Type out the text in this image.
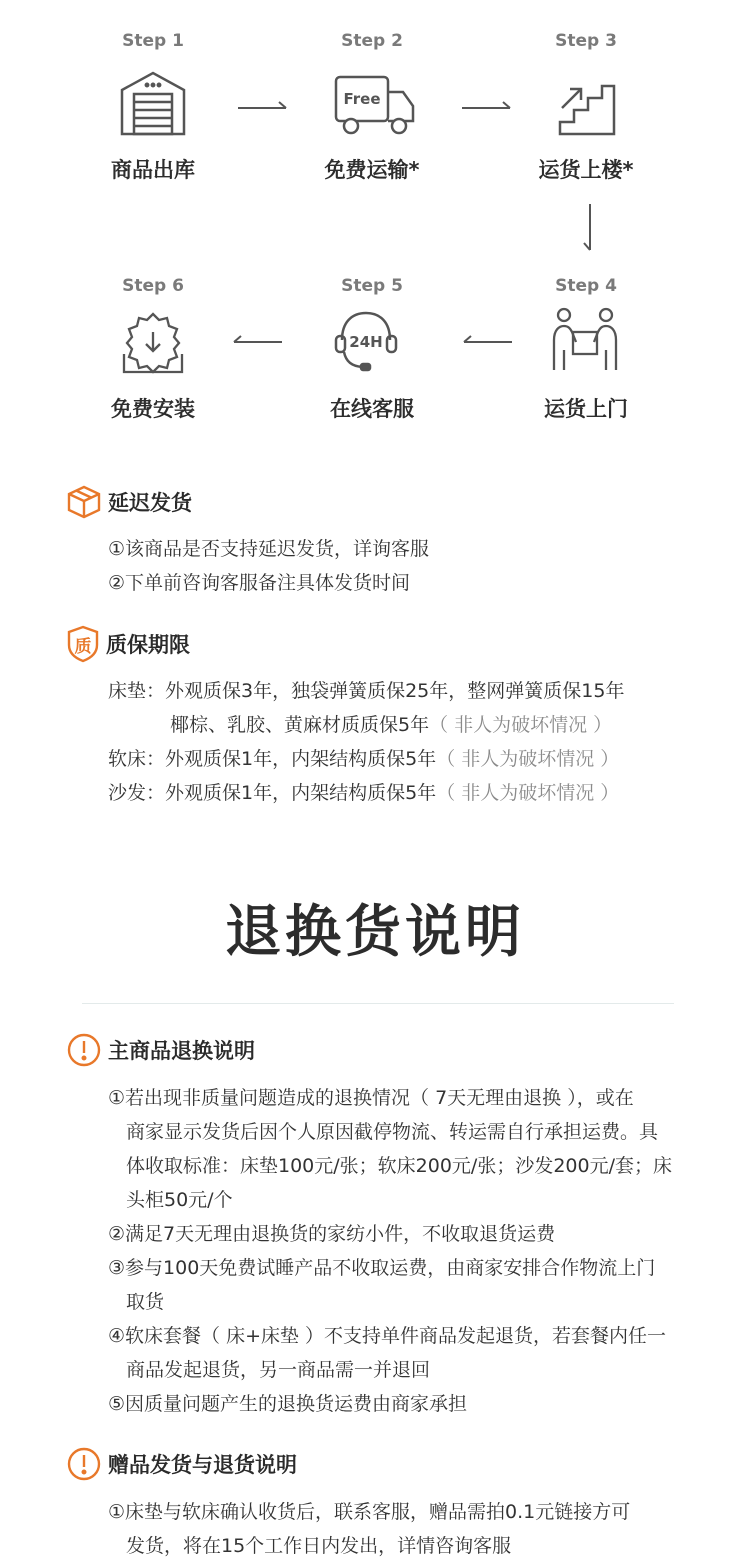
Step 1	Step 2	Step 3
Free
商品出库	免费运输*	运货上楼*
Step 6	Step 5	Step 4
24H
免费安装	在线客服	运货上门
延迟发货
①该商品是否支持延迟发货，详询客服
②下单前咨询客服备注具体发货时间
质 质保期限
床垫：外观质保3年，独袋弹簧质保25年，整网弹簧质保15年
椰棕、乳胶、黄麻材质质保5年（ 非人为破坏情况 ）
软床：外观质保1年，内架结构质保5年（ 非人为破坏情况 ）
沙发：外观质保1年，内架结构质保5年（ 非人为破坏情况 ）
退换货说明
主商品退换说明
①若出现非质量问题造成的退换情况（ 7天无理由退换 ），或在
商家显示发货后因个人原因截停物流、转运需自行承担运费。具
体收取标准：床垫100元/张；软床200元/张；沙发200元/套；床
头柜50元/个
②满足7天无理由退换货的家纺小件，不收取退货运费
③参与100天免费试睡产品不收取运费，由商家安排合作物流上门
取货
④软床套餐（ 床+床垫 ）不支持单件商品发起退货，若套餐内任一
商品发起退货，另一商品需一并退回
⑤因质量问题产生的退换货运费由商家承担
赠品发货与退货说明
①床垫与软床确认收货后，联系客服，赠品需拍0.1元链接方可
发货，将在15个工作日内发出，详情咨询客服
